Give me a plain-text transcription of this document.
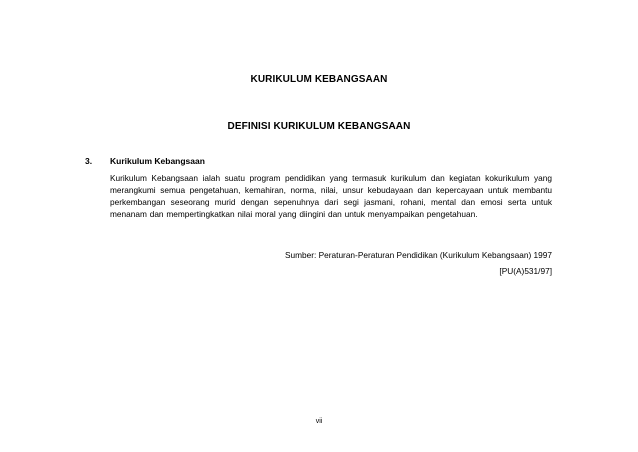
KURIKULUM KEBANGSAAN
DEFINISI KURIKULUM KEBANGSAAN
3. Kurikulum Kebangsaan
Kurikulum Kebangsaan ialah suatu program pendidikan yang termasuk kurikulum dan kegiatan kokurikulum yang merangkumi semua pengetahuan, kemahiran, norma, nilai, unsur kebudayaan dan kepercayaan untuk membantu perkembangan seseorang murid dengan sepenuhnya dari segi jasmani, rohani, mental dan emosi serta untuk menanam dan mempertingkatkan nilai moral yang diingini dan untuk menyampaikan pengetahuan.
Sumber: Peraturan-Peraturan Pendidikan (Kurikulum Kebangsaan) 1997
[PU(A)531/97]
vii
